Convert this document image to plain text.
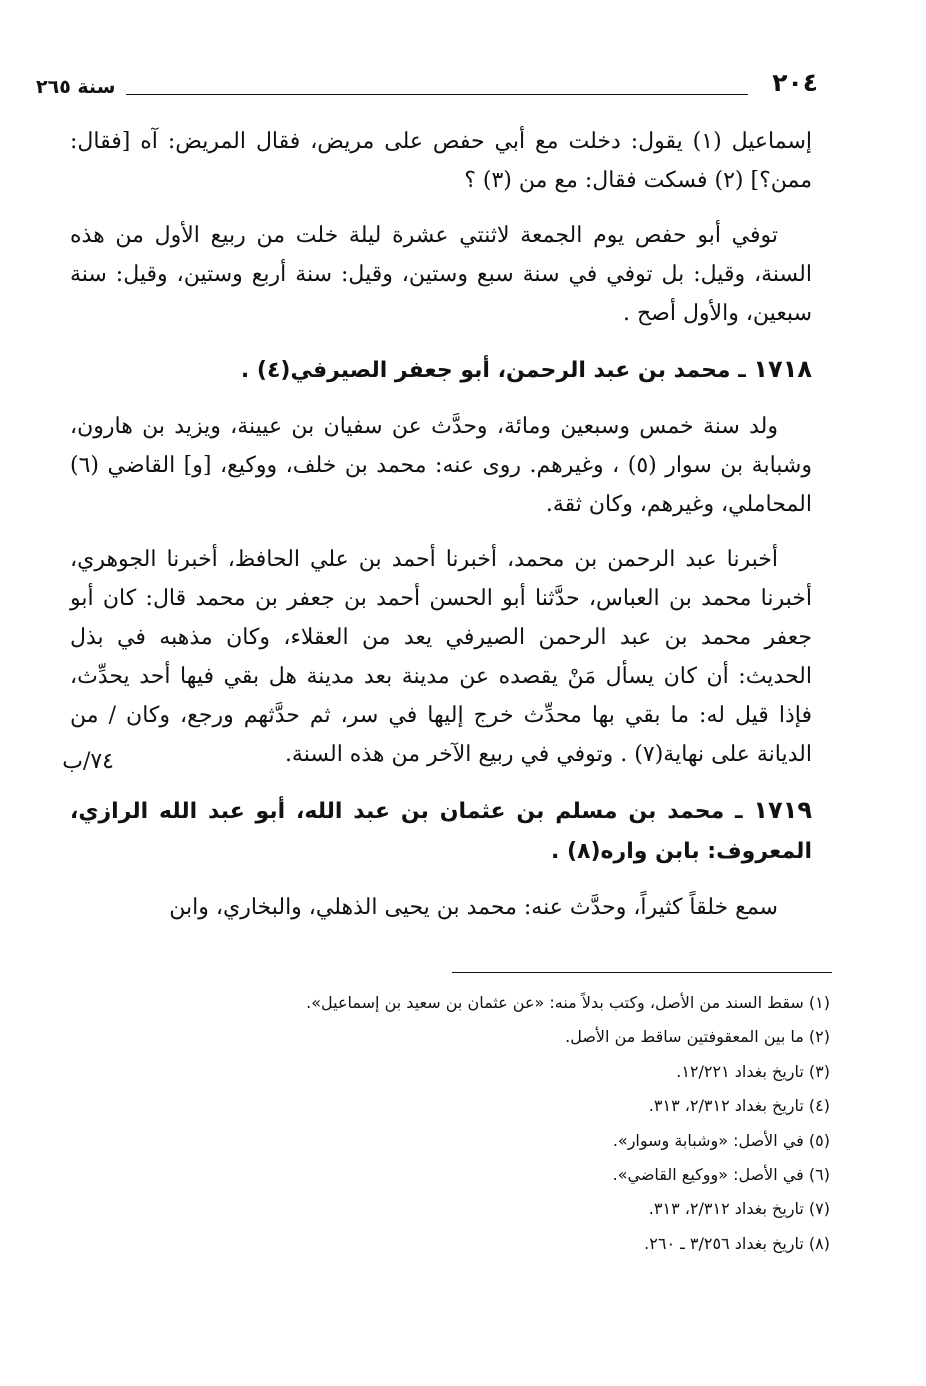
٢٠٤
سنة ٢٦٥

إسماعيل (١) يقول: دخلت مع أبي حفص على مريض، فقال المريض: آه [فقال: ممن؟] (٢) فسكت فقال: مع من (٣) ؟

توفي أبو حفص يوم الجمعة لاثنتي عشرة ليلة خلت من ربيع الأول من هذه السنة، وقيل: بل توفي في سنة سبع وستين، وقيل: سنة أربع وستين، وقيل: سنة سبعين، والأول أصح .

١٧١٨ ـ محمد بن عبد الرحمن، أبو جعفر الصيرفي(٤) .

ولد سنة خمس وسبعين ومائة، وحدَّث عن سفيان بن عيينة، ويزيد بن هارون، وشبابة بن سوار (٥) ، وغيرهم. روى عنه: محمد بن خلف، ووكيع، [و] القاضي (٦) المحاملي، وغيرهم، وكان ثقة.

أخبرنا عبد الرحمن بن محمد، أخبرنا أحمد بن علي الحافظ، أخبرنا الجوهري، أخبرنا محمد بن العباس، حدَّثنا أبو الحسن أحمد بن جعفر بن محمد قال: كان أبو جعفر محمد بن عبد الرحمن الصيرفي يعد من العقلاء، وكان مذهبه في بذل الحديث: أن كان يسأل مَنْ يقصده عن مدينة بعد مدينة هل بقي فيها أحد يحدِّث، فإذا قيل له: ما بقي بها محدِّث خرج إليها في سر، ثم حدَّثهم ورجع، وكان / من الديانة على نهاية(٧) . وتوفي في ربيع الآخر من هذه السنة.

١٧١٩ ـ محمد بن مسلم بن عثمان بن عبد الله، أبو عبد الله الرازي، المعروف: بابن واره(٨) .

سمع خلقاً كثيراً، وحدَّث عنه: محمد بن يحيى الذهلي، والبخاري، وابن

٧٤/ب
(١) سقط السند من الأصل، وكتب بدلاً منه: «عن عثمان بن سعيد بن إسماعيل».
(٢) ما بين المعقوفتين ساقط من الأصل.
(٣) تاريخ بغداد ١٢/٢٢١.
(٤) تاريخ بغداد ٢/٣١٢، ٣١٣.
(٥) في الأصل: «وشبابة وسوار».
(٦) في الأصل: «ووكيع القاضي».
(٧) تاريخ بغداد ٢/٣١٢، ٣١٣.
(٨) تاريخ بغداد ٣/٢٥٦ ـ ٢٦٠.
